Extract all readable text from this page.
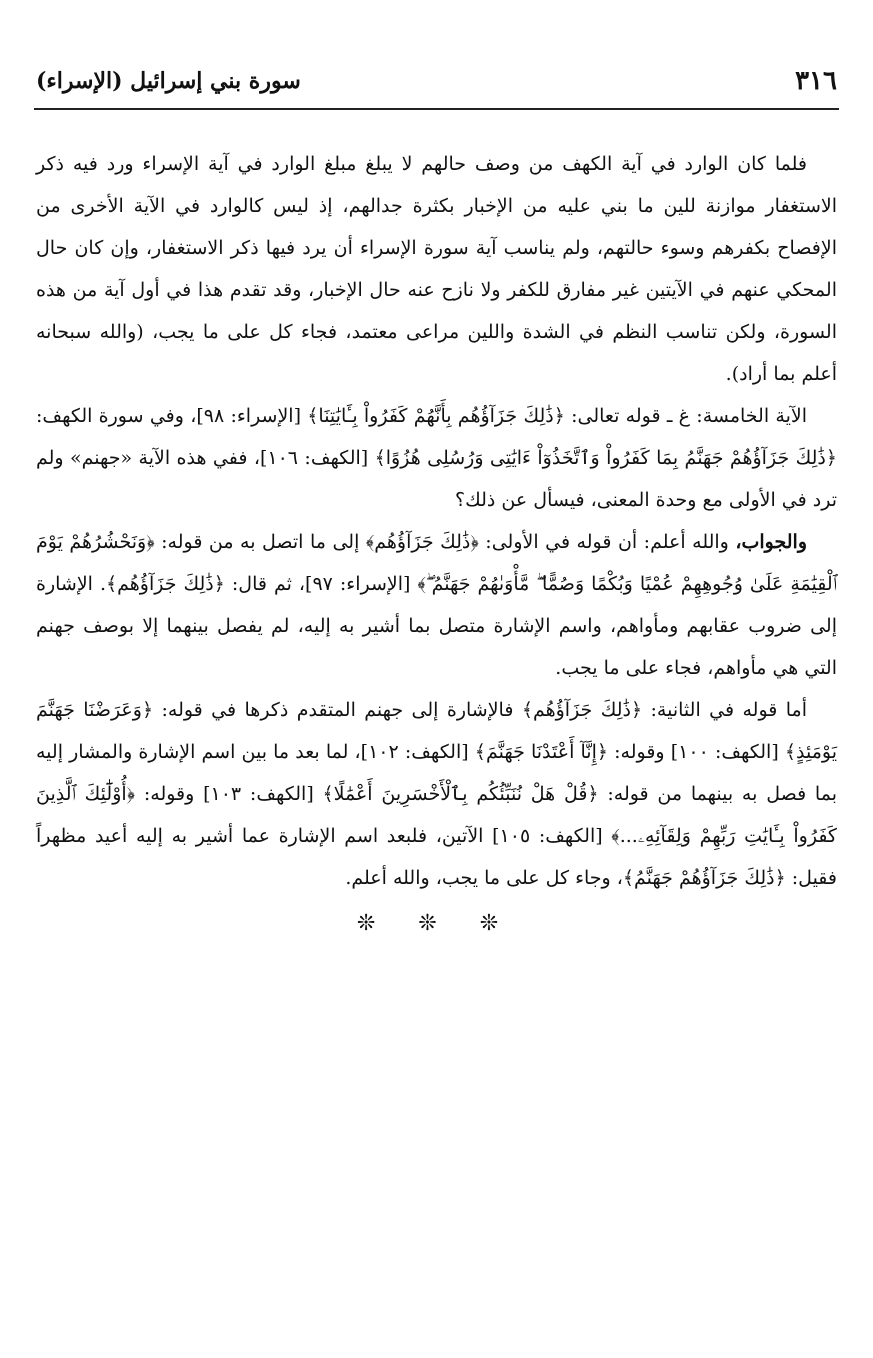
٣١٦
سورة بني إسرائيل (الإسراء)

فلما كان الوارد في آية الكهف من وصف حالهم لا يبلغ مبلغ الوارد في آية الإسراء ورد فيه ذكر الاستغفار موازنة للين ما بني عليه من الإخبار بكثرة جدالهم، إذ ليس كالوارد في الآية الأخرى من الإفصاح بكفرهم وسوء حالتهم، ولم يناسب آية سورة الإسراء أن يرد فيها ذكر الاستغفار، وإن كان حال المحكي عنهم في الآيتين غير مفارق للكفر ولا نازح عنه حال الإخبار، وقد تقدم هذا في أول آية من هذه السورة، ولكن تناسب النظم في الشدة واللين مراعى معتمد، فجاء كل على ما يجب، (والله سبحانه أعلم بما أراد).

الآية الخامسة: غ ـ قوله تعالى: ﴿ذَٰلِكَ جَزَآؤُهُم بِأَنَّهُمْ كَفَرُواْ بِـَٔايَٰتِنَا﴾ [الإسراء: ٩٨]، وفي سورة الكهف: ﴿ذَٰلِكَ جَزَآؤُهُمْ جَهَنَّمُ بِمَا كَفَرُواْ وَٱتَّخَذُوٓاْ ءَايَٰتِى وَرُسُلِى هُزُوًا﴾ [الكهف: ١٠٦]، ففي هذه الآية «جهنم» ولم ترد في الأولى مع وحدة المعنى، فيسأل عن ذلك؟

والجواب، والله أعلم: أن قوله في الأولى: ﴿ذَٰلِكَ جَزَآؤُهُم﴾ إلى ما اتصل به من قوله: ﴿وَنَحْشُرُهُمْ يَوْمَ ٱلْقِيَٰمَةِ عَلَىٰ وُجُوهِهِمْ عُمْيًا وَبُكْمًا وَصُمًّا ۖ مَّأْوَىٰهُمْ جَهَنَّمُ ۖ﴾ [الإسراء: ٩٧]، ثم قال: ﴿ذَٰلِكَ جَزَآؤُهُم﴾. الإشارة إلى ضروب عقابهم ومأواهم، واسم الإشارة متصل بما أشير به إليه، لم يفصل بينهما إلا بوصف جهنم التي هي مأواهم، فجاء على ما يجب.

أما قوله في الثانية: ﴿ذَٰلِكَ جَزَآؤُهُم﴾ فالإشارة إلى جهنم المتقدم ذكرها في قوله: ﴿وَعَرَضْنَا جَهَنَّمَ يَوْمَئِذٍ﴾ [الكهف: ١٠٠] وقوله: ﴿إِنَّآ أَعْتَدْنَا جَهَنَّمَ﴾ [الكهف: ١٠٢]، لما بعد ما بين اسم الإشارة والمشار إليه بما فصل به بينهما من قوله: ﴿قُلْ هَلْ نُنَبِّئُكُم بِٱلْأَخْسَرِينَ أَعْمَٰلًا﴾ [الكهف: ١٠٣] وقوله: ﴿أُوْلَٰٓئِكَ ٱلَّذِينَ كَفَرُواْ بِـَٔايَٰتِ رَبِّهِمْ وَلِقَآئِهِۦ...﴾ [الكهف: ١٠٥] الآتين، فلبعد اسم الإشارة عما أشير به إليه أعيد مظهراً فقيل: ﴿ذَٰلِكَ جَزَآؤُهُمْ جَهَنَّمُ﴾، وجاء كل على ما يجب، والله أعلم.

❊ ❊ ❊
